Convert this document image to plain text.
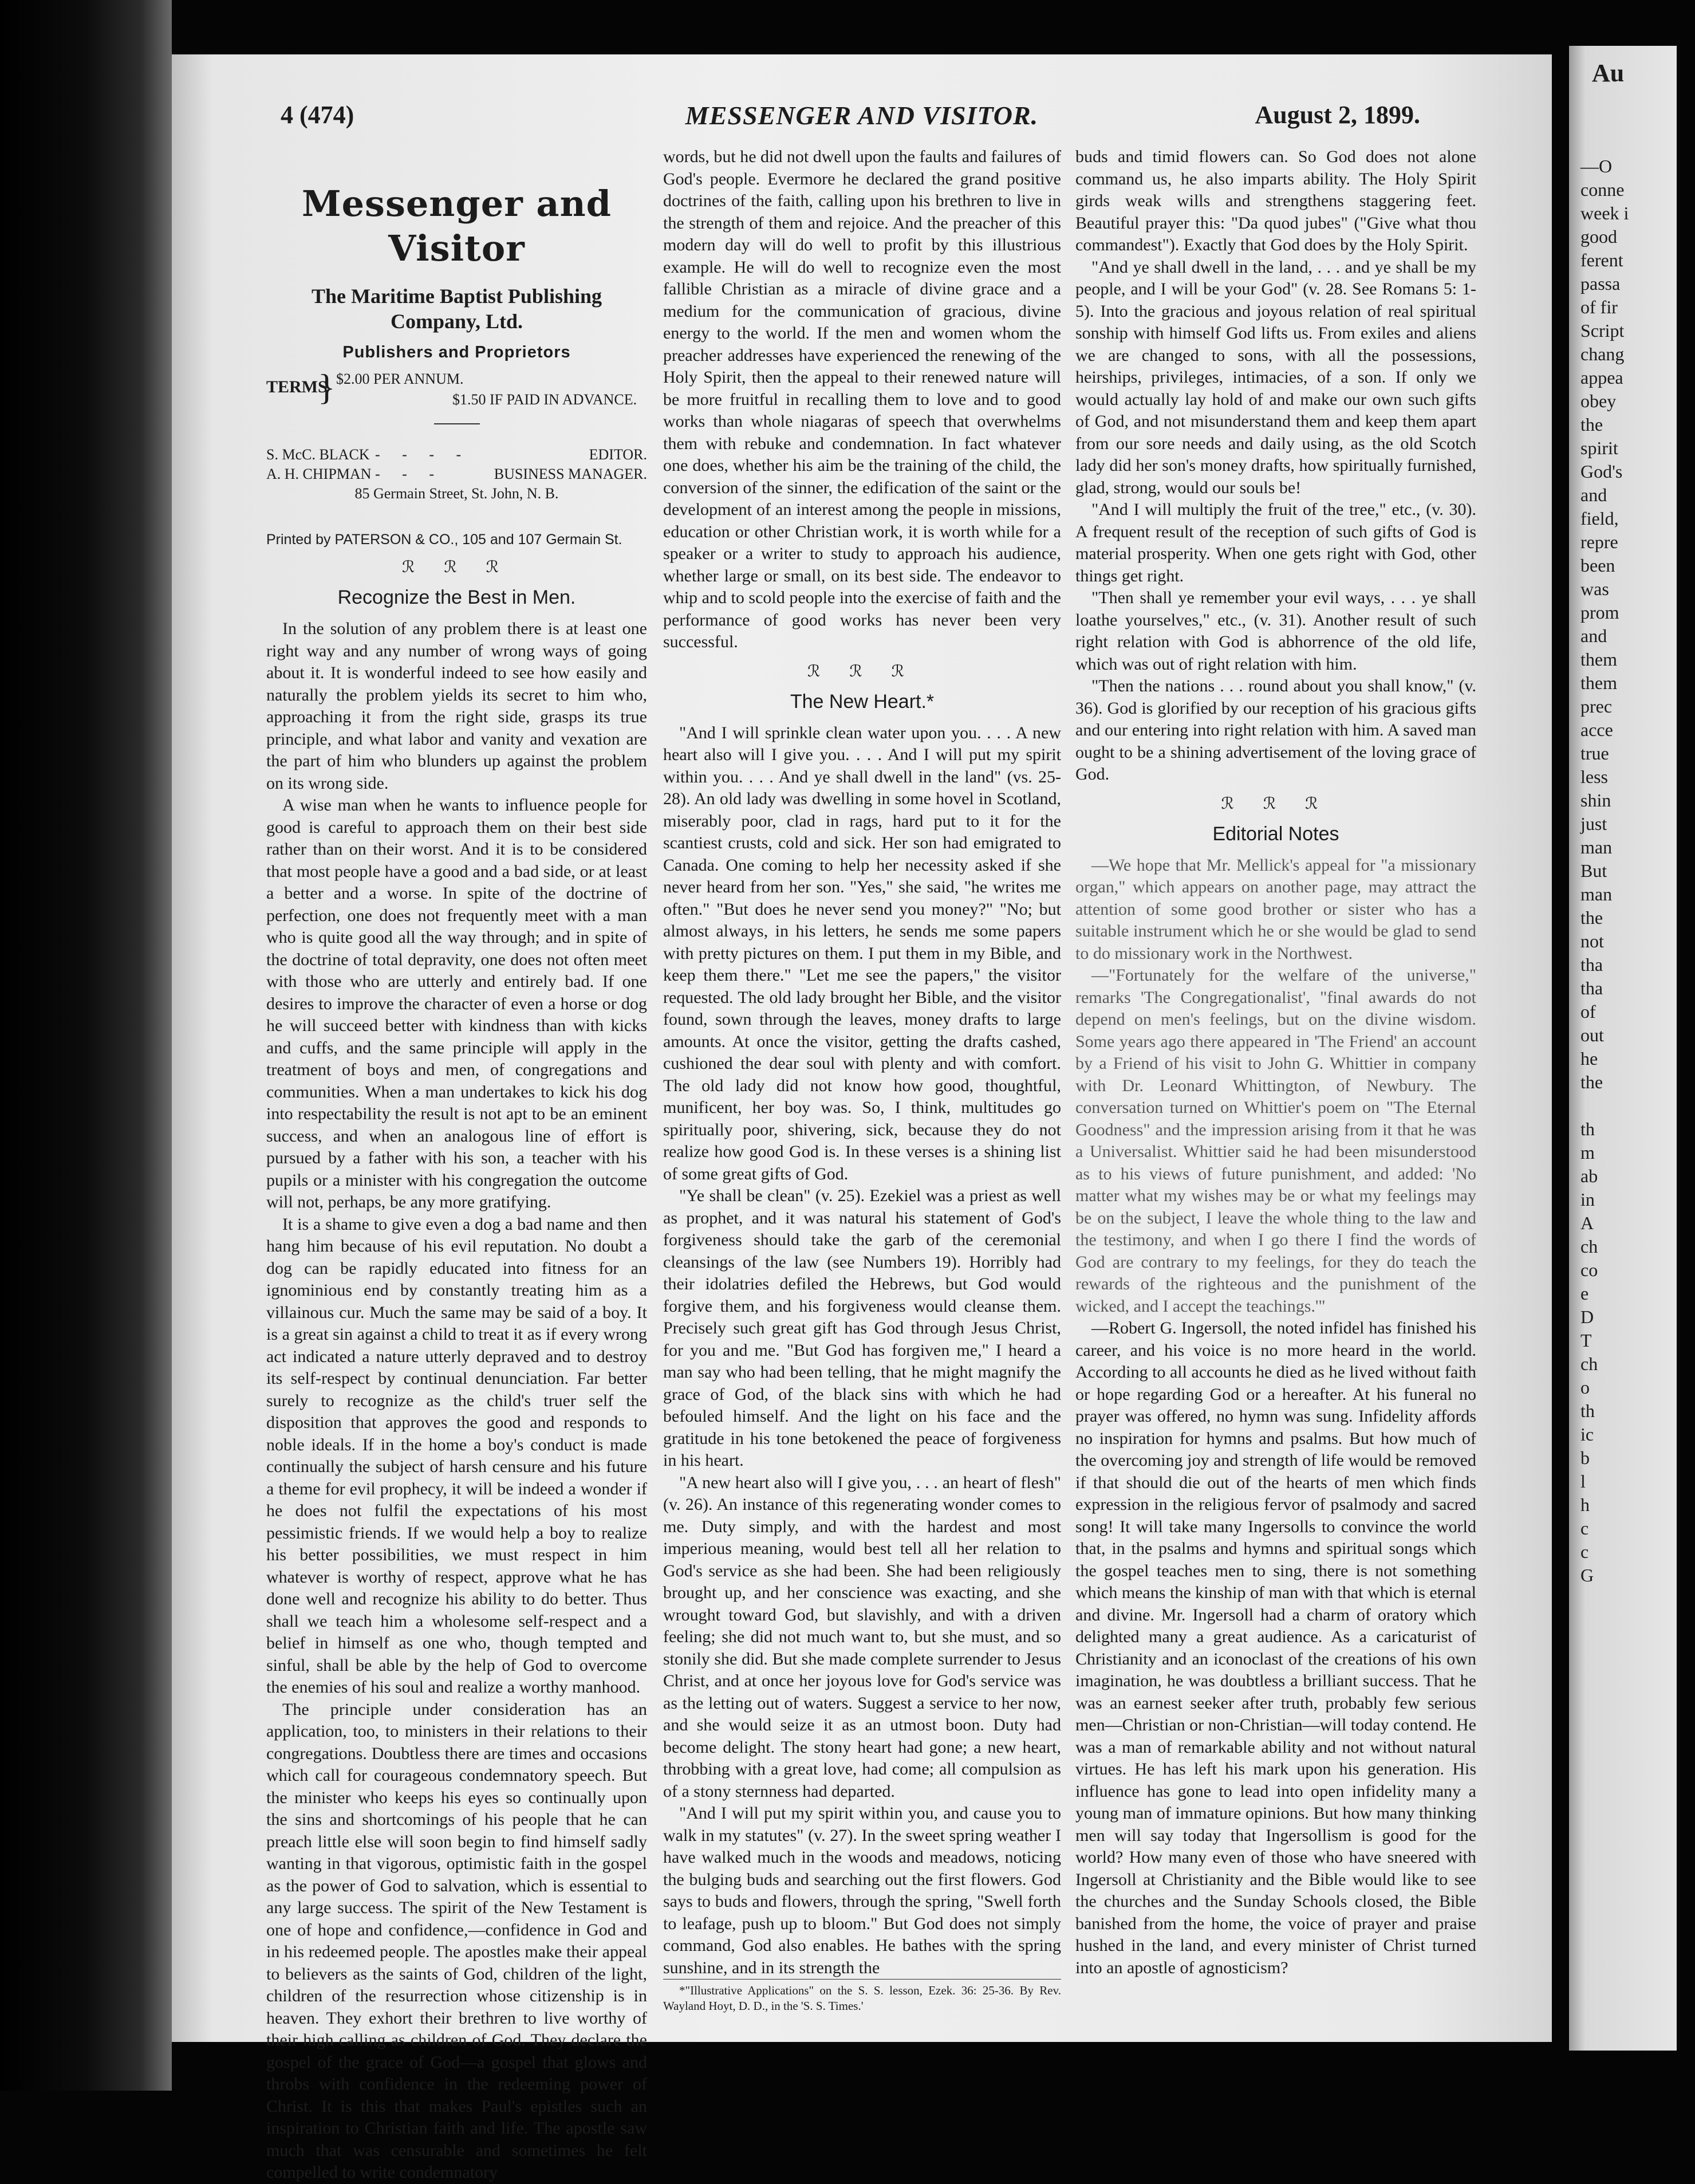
4 (474)	MESSENGER AND VISITOR.	August 2, 1899.
Messenger and Visitor
The Maritime Baptist Publishing Company, Ltd.
Publishers and Proprietors
TERMS
} $2.00 PER ANNUM.
$1.50 IF PAID IN ADVANCE.
S. McC. BLACK - - - -	EDITOR.
A. H. CHIPMAN - - -	BUSINESS MANAGER.
85 Germain Street, St. John, N. B.
Printed by PATERSON & CO., 105 and 107 Germain St.
ℛ ℛ ℛ
Recognize the Best in Men.

In the solution of any problem there is at least one right way and any number of wrong ways of going about it. It is wonderful indeed to see how easily and naturally the problem yields its secret to him who, approaching it from the right side, grasps its true principle, and what labor and vanity and vexation are the part of him who blunders up against the problem on its wrong side.

A wise man when he wants to influence people for good is careful to approach them on their best side rather than on their worst. And it is to be considered that most people have a good and a bad side, or at least a better and a worse. In spite of the doctrine of perfection, one does not frequently meet with a man who is quite good all the way through; and in spite of the doctrine of total depravity, one does not often meet with those who are utterly and entirely bad. If one desires to improve the character of even a horse or dog he will succeed better with kindness than with kicks and cuffs, and the same principle will apply in the treatment of boys and men, of congregations and communities. When a man undertakes to kick his dog into respectability the result is not apt to be an eminent success, and when an analogous line of effort is pursued by a father with his son, a teacher with his pupils or a minister with his congregation the outcome will not, perhaps, be any more gratifying.

It is a shame to give even a dog a bad name and then hang him because of his evil reputation. No doubt a dog can be rapidly educated into fitness for an ignominious end by constantly treating him as a villainous cur. Much the same may be said of a boy. It is a great sin against a child to treat it as if every wrong act indicated a nature utterly depraved and to destroy its self-respect by continual denunciation. Far better surely to recognize as the child's truer self the disposition that approves the good and responds to noble ideals. If in the home a boy's conduct is made continually the subject of harsh censure and his future a theme for evil prophecy, it will be indeed a wonder if he does not fulfil the expectations of his most pessimistic friends. If we would help a boy to realize his better possibilities, we must respect in him whatever is worthy of respect, approve what he has done well and recognize his ability to do better. Thus shall we teach him a wholesome self-respect and a belief in himself as one who, though tempted and sinful, shall be able by the help of God to overcome the enemies of his soul and realize a worthy manhood.

The principle under consideration has an application, too, to ministers in their relations to their congregations. Doubtless there are times and occasions which call for courageous condemnatory speech. But the minister who keeps his eyes so continually upon the sins and shortcomings of his people that he can preach little else will soon begin to find himself sadly wanting in that vigorous, optimistic faith in the gospel as the power of God to salvation, which is essential to any large success. The spirit of the New Testament is one of hope and confidence,—confidence in God and in his redeemed people. The apostles make their appeal to believers as the saints of God, children of the light, children of the resurrection whose citizenship is in heaven. They exhort their brethren to live worthy of their high calling as children of God. They declare the gospel of the grace of God—a gospel that glows and throbs with confidence in the redeeming power of Christ. It is this that makes Paul's epistles such an inspiration to Christian faith and life. The apostle saw much that was censurable and sometimes he felt compelled to write condemnatory

words, but he did not dwell upon the faults and failures of God's people. Evermore he declared the grand positive doctrines of the faith, calling upon his brethren to live in the strength of them and rejoice. And the preacher of this modern day will do well to profit by this illustrious example. He will do well to recognize even the most fallible Christian as a miracle of divine grace and a medium for the communication of gracious, divine energy to the world. If the men and women whom the preacher addresses have experienced the renewing of the Holy Spirit, then the appeal to their renewed nature will be more fruitful in recalling them to love and to good works than whole niagaras of speech that overwhelms them with rebuke and condemnation. In fact whatever one does, whether his aim be the training of the child, the conversion of the sinner, the edification of the saint or the development of an interest among the people in missions, education or other Christian work, it is worth while for a speaker or a writer to study to approach his audience, whether large or small, on its best side. The endeavor to whip and to scold people into the exercise of faith and the performance of good works has never been very successful.

ℛ ℛ ℛ
The New Heart.*

"And I will sprinkle clean water upon you. . . . A new heart also will I give you. . . . And I will put my spirit within you. . . . And ye shall dwell in the land" (vs. 25-28). An old lady was dwelling in some hovel in Scotland, miserably poor, clad in rags, hard put to it for the scantiest crusts, cold and sick. Her son had emigrated to Canada. One coming to help her necessity asked if she never heard from her son. "Yes," she said, "he writes me often." "But does he never send you money?" "No; but almost always, in his letters, he sends me some papers with pretty pictures on them. I put them in my Bible, and keep them there." "Let me see the papers," the visitor requested. The old lady brought her Bible, and the visitor found, sown through the leaves, money drafts to large amounts. At once the visitor, getting the drafts cashed, cushioned the dear soul with plenty and with comfort. The old lady did not know how good, thoughtful, munificent, her boy was. So, I think, multitudes go spiritually poor, shivering, sick, because they do not realize how good God is. In these verses is a shining list of some great gifts of God.

"Ye shall be clean" (v. 25). Ezekiel was a priest as well as prophet, and it was natural his statement of God's forgiveness should take the garb of the ceremonial cleansings of the law (see Numbers 19). Horribly had their idolatries defiled the Hebrews, but God would forgive them, and his forgiveness would cleanse them. Precisely such great gift has God through Jesus Christ, for you and me. "But God has forgiven me," I heard a man say who had been telling, that he might magnify the grace of God, of the black sins with which he had befouled himself. And the light on his face and the gratitude in his tone betokened the peace of forgiveness in his heart.

"A new heart also will I give you, . . . an heart of flesh" (v. 26). An instance of this regenerating wonder comes to me. Duty simply, and with the hardest and most imperious meaning, would best tell all her relation to God's service as she had been. She had been religiously brought up, and her conscience was exacting, and she wrought toward God, but slavishly, and with a driven feeling; she did not much want to, but she must, and so stonily she did. But she made complete surrender to Jesus Christ, and at once her joyous love for God's service was as the letting out of waters. Suggest a service to her now, and she would seize it as an utmost boon. Duty had become delight. The stony heart had gone; a new heart, throbbing with a great love, had come; all compulsion as of a stony sternness had departed.

"And I will put my spirit within you, and cause you to walk in my statutes" (v. 27). In the sweet spring weather I have walked much in the woods and meadows, noticing the bulging buds and searching out the first flowers. God says to buds and flowers, through the spring, "Swell forth to leafage, push up to bloom." But God does not simply command, God also enables. He bathes with the spring sunshine, and in its strength the

*"Illustrative Applications" on the S. S. lesson, Ezek. 36: 25-36. By Rev. Wayland Hoyt, D. D., in the 'S. S. Times.'

buds and timid flowers can. So God does not alone command us, he also imparts ability. The Holy Spirit girds weak wills and strengthens staggering feet. Beautiful prayer this: "Da quod jubes" ("Give what thou commandest"). Exactly that God does by the Holy Spirit.

"And ye shall dwell in the land, . . . and ye shall be my people, and I will be your God" (v. 28. See Romans 5: 1-5). Into the gracious and joyous relation of real spiritual sonship with himself God lifts us. From exiles and aliens we are changed to sons, with all the possessions, heirships, privileges, intimacies, of a son. If only we would actually lay hold of and make our own such gifts of God, and not misunderstand them and keep them apart from our sore needs and daily using, as the old Scotch lady did her son's money drafts, how spiritually furnished, glad, strong, would our souls be!

"And I will multiply the fruit of the tree," etc., (v. 30). A frequent result of the reception of such gifts of God is material prosperity. When one gets right with God, other things get right.

"Then shall ye remember your evil ways, . . . ye shall loathe yourselves," etc., (v. 31). Another result of such right relation with God is abhorrence of the old life, which was out of right relation with him.

"Then the nations . . . round about you shall know," (v. 36). God is glorified by our reception of his gracious gifts and our entering into right relation with him. A saved man ought to be a shining advertisement of the loving grace of God.

ℛ ℛ ℛ
Editorial Notes

—We hope that Mr. Mellick's appeal for "a missionary organ," which appears on another page, may attract the attention of some good brother or sister who has a suitable instrument which he or she would be glad to send to do missionary work in the Northwest.

—"Fortunately for the welfare of the universe," remarks 'The Congregationalist', "final awards do not depend on men's feelings, but on the divine wisdom. Some years ago there appeared in 'The Friend' an account by a Friend of his visit to John G. Whittier in company with Dr. Leonard Whittington, of Newbury. The conversation turned on Whittier's poem on "The Eternal Goodness" and the impression arising from it that he was a Universalist. Whittier said he had been misunderstood as to his views of future punishment, and added: 'No matter what my wishes may be or what my feelings may be on the subject, I leave the whole thing to the law and the testimony, and when I go there I find the words of God are contrary to my feelings, for they do teach the rewards of the righteous and the punishment of the wicked, and I accept the teachings.'"

—Robert G. Ingersoll, the noted infidel has finished his career, and his voice is no more heard in the world. According to all accounts he died as he lived without faith or hope regarding God or a hereafter. At his funeral no prayer was offered, no hymn was sung. Infidelity affords no inspiration for hymns and psalms. But how much of the overcoming joy and strength of life would be removed if that should die out of the hearts of men which finds expression in the religious fervor of psalmody and sacred song! It will take many Ingersolls to convince the world that, in the psalms and hymns and spiritual songs which the gospel teaches men to sing, there is not something which means the kinship of man with that which is eternal and divine. Mr. Ingersoll had a charm of oratory which delighted many a great audience. As a caricaturist of Christianity and an iconoclast of the creations of his own imagination, he was doubtless a brilliant success. That he was an earnest seeker after truth, probably few serious men—Christian or non-Christian—will today contend. He was a man of remarkable ability and not without natural virtues. He has left his mark upon his generation. His influence has gone to lead into open infidelity many a young man of immature opinions. But how many thinking men will say today that Ingersollism is good for the world? How many even of those who have sneered with Ingersoll at Christianity and the Bible would like to see the churches and the Sunday Schools closed, the Bible banished from the home, the voice of prayer and praise hushed in the land, and every minister of Christ turned into an apostle of agnosticism?

Au
—O
conne
week i
good
ferent
passa
of fir
Script
chang
appea
obey
the
spirit
God's
and
field,
repre
been
was
prom
and
them
them
prec
acce
true
less
shin
just
man
But
man
the
not
tha
tha
of
out
he
the

th
m
ab
in
A
ch
co
e
D
T
ch
o
th
ic
b
l
h
c
c
G
